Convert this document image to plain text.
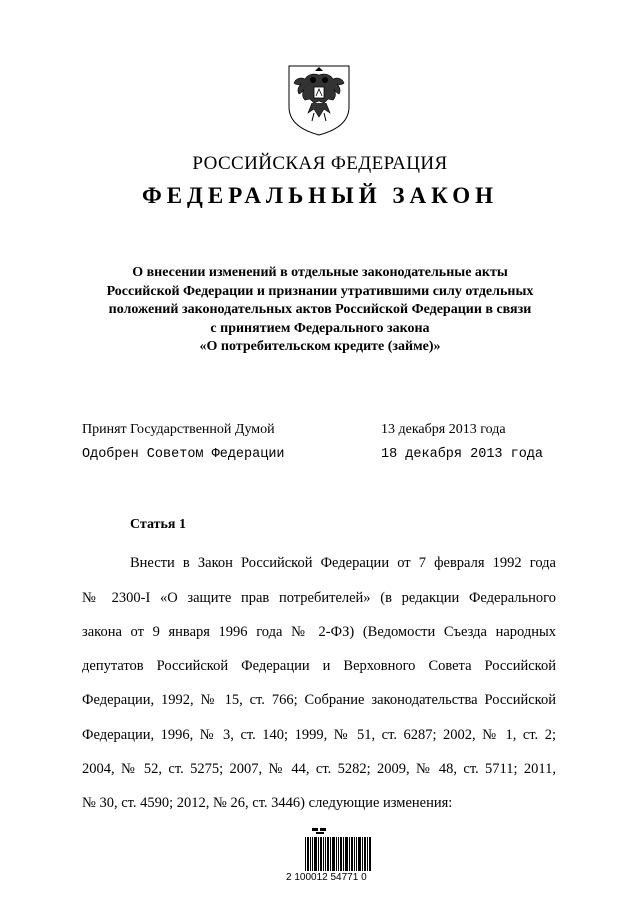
РОССИЙСКАЯ ФЕДЕРАЦИЯ
ФЕДЕРАЛЬНЫЙ ЗАКОН
О внесении изменений в отдельные законодательные акты
Российской Федерации и признании утратившими силу отдельных
положений законодательных актов Российской Федерации в связи
с принятием Федерального закона
«О потребительском кредите (займе)»
Принят Государственной Думой	13 декабря 2013 года
Одобрен Советом Федерации	18 декабря 2013 года
Статья 1
Внести в Закон Российской Федерации от 7 февраля 1992 года
№ 2300-I «О защите прав потребителей» (в редакции Федерального
закона от 9 января 1996 года № 2-ФЗ) (Ведомости Съезда народных
депутатов Российской Федерации и Верховного Совета Российской
Федерации, 1992, № 15, ст. 766; Собрание законодательства Российской
Федерации, 1996, № 3, ст. 140; 1999, № 51, ст. 6287; 2002, № 1, ст. 2;
2004, № 52, ст. 5275; 2007, № 44, ст. 5282; 2009, № 48, ст. 5711; 2011,
№ 30, ст. 4590; 2012, № 26, ст. 3446) следующие изменения:
2 100012 54771 0
